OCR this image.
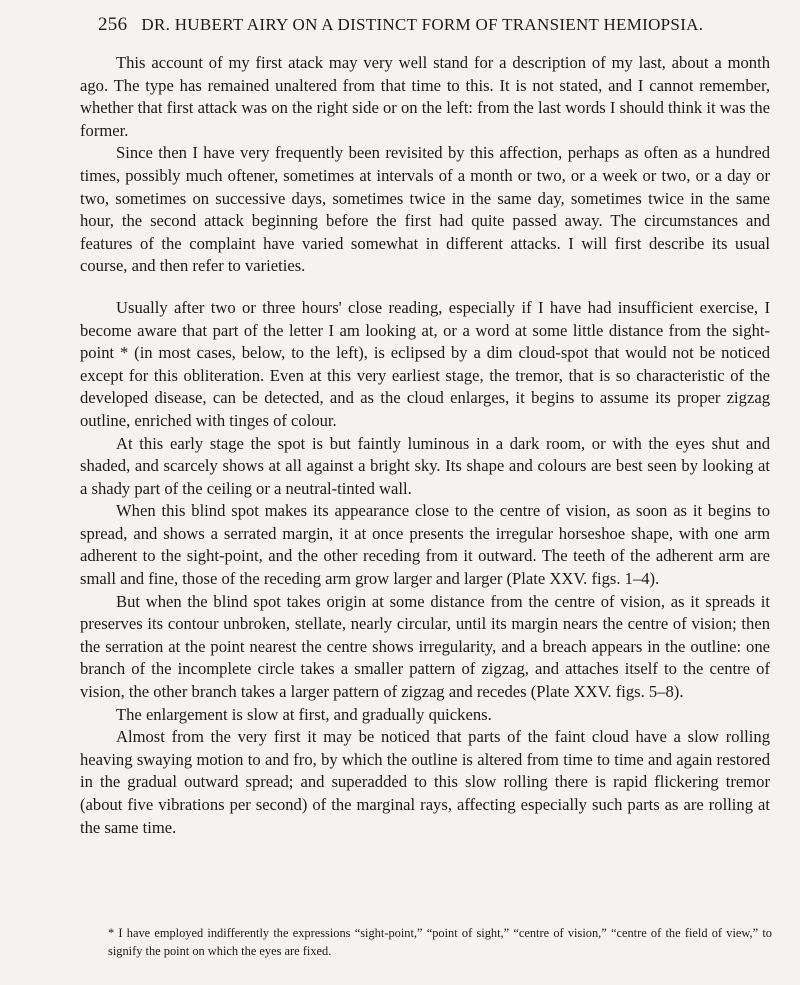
256 DR. HUBERT AIRY ON A DISTINCT FORM OF TRANSIENT HEMIOPSIA.

This account of my first atack may very well stand for a description of my last, about a month ago. The type has remained unaltered from that time to this. It is not stated, and I cannot remember, whether that first attack was on the right side or on the left: from the last words I should think it was the former.

Since then I have very frequently been revisited by this affection, perhaps as often as a hundred times, possibly much oftener, sometimes at intervals of a month or two, or a week or two, or a day or two, sometimes on successive days, sometimes twice in the same day, sometimes twice in the same hour, the second attack beginning before the first had quite passed away. The circumstances and features of the complaint have varied somewhat in different attacks. I will first describe its usual course, and then refer to varieties.

Usually after two or three hours' close reading, especially if I have had insufficient exercise, I become aware that part of the letter I am looking at, or a word at some little distance from the sight-point * (in most cases, below, to the left), is eclipsed by a dim cloud-spot that would not be noticed except for this obliteration. Even at this very earliest stage, the tremor, that is so characteristic of the developed disease, can be detected, and as the cloud enlarges, it begins to assume its proper zigzag outline, enriched with tinges of colour.

At this early stage the spot is but faintly luminous in a dark room, or with the eyes shut and shaded, and scarcely shows at all against a bright sky. Its shape and colours are best seen by looking at a shady part of the ceiling or a neutral-tinted wall.

When this blind spot makes its appearance close to the centre of vision, as soon as it begins to spread, and shows a serrated margin, it at once presents the irregular horseshoe shape, with one arm adherent to the sight-point, and the other receding from it outward. The teeth of the adherent arm are small and fine, those of the receding arm grow larger and larger (Plate XXV. figs. 1–4).

But when the blind spot takes origin at some distance from the centre of vision, as it spreads it preserves its contour unbroken, stellate, nearly circular, until its margin nears the centre of vision; then the serration at the point nearest the centre shows irregularity, and a breach appears in the outline: one branch of the incomplete circle takes a smaller pattern of zigzag, and attaches itself to the centre of vision, the other branch takes a larger pattern of zigzag and recedes (Plate XXV. figs. 5–8).

The enlargement is slow at first, and gradually quickens.

Almost from the very first it may be noticed that parts of the faint cloud have a slow rolling heaving swaying motion to and fro, by which the outline is altered from time to time and again restored in the gradual outward spread; and superadded to this slow rolling there is rapid flickering tremor (about five vibrations per second) of the marginal rays, affecting especially such parts as are rolling at the same time.

* I have employed indifferently the expressions “sight-point,” “point of sight,” “centre of vision,” “centre of the field of view,” to signify the point on which the eyes are fixed.
